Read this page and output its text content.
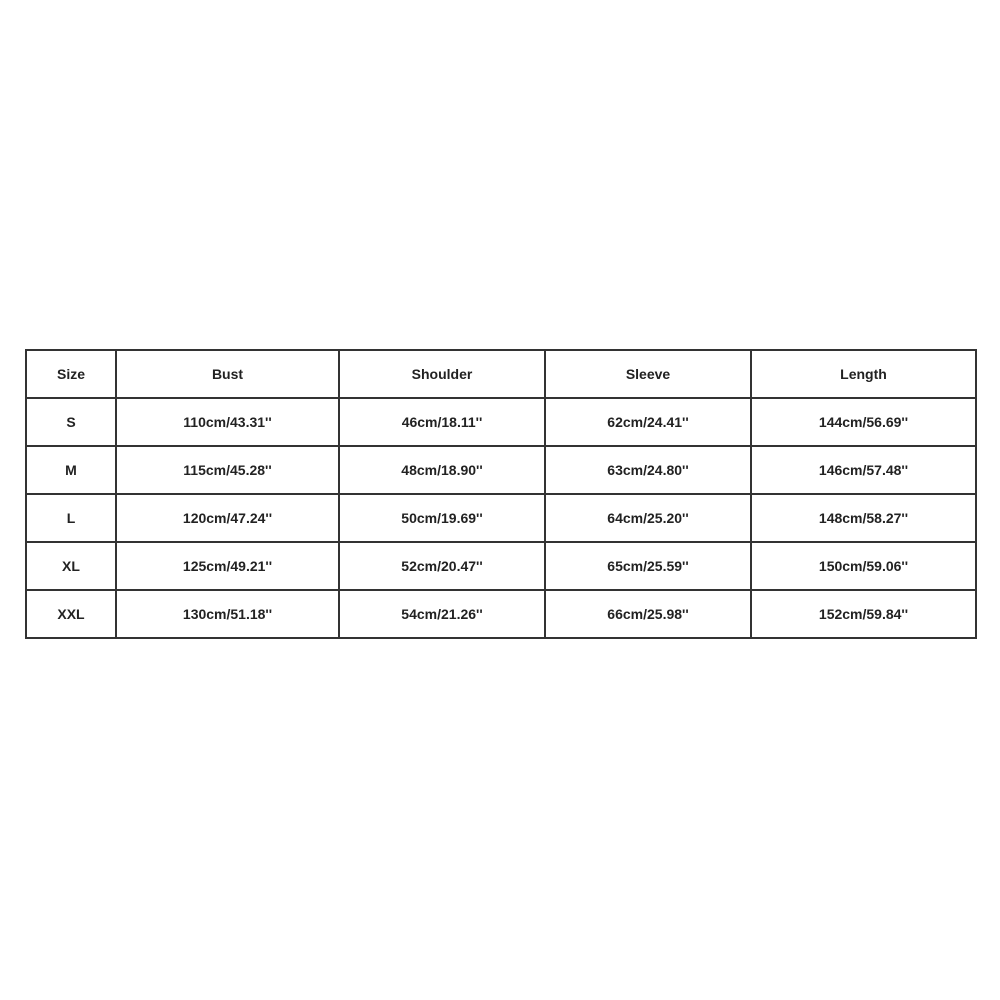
Size	Bust	Shoulder	Sleeve	Length
S	110cm/43.31''	46cm/18.11''	62cm/24.41''	144cm/56.69''
M	115cm/45.28''	48cm/18.90''	63cm/24.80''	146cm/57.48''
L	120cm/47.24''	50cm/19.69''	64cm/25.20''	148cm/58.27''
XL	125cm/49.21''	52cm/20.47''	65cm/25.59''	150cm/59.06''
XXL	130cm/51.18''	54cm/21.26''	66cm/25.98''	152cm/59.84''
